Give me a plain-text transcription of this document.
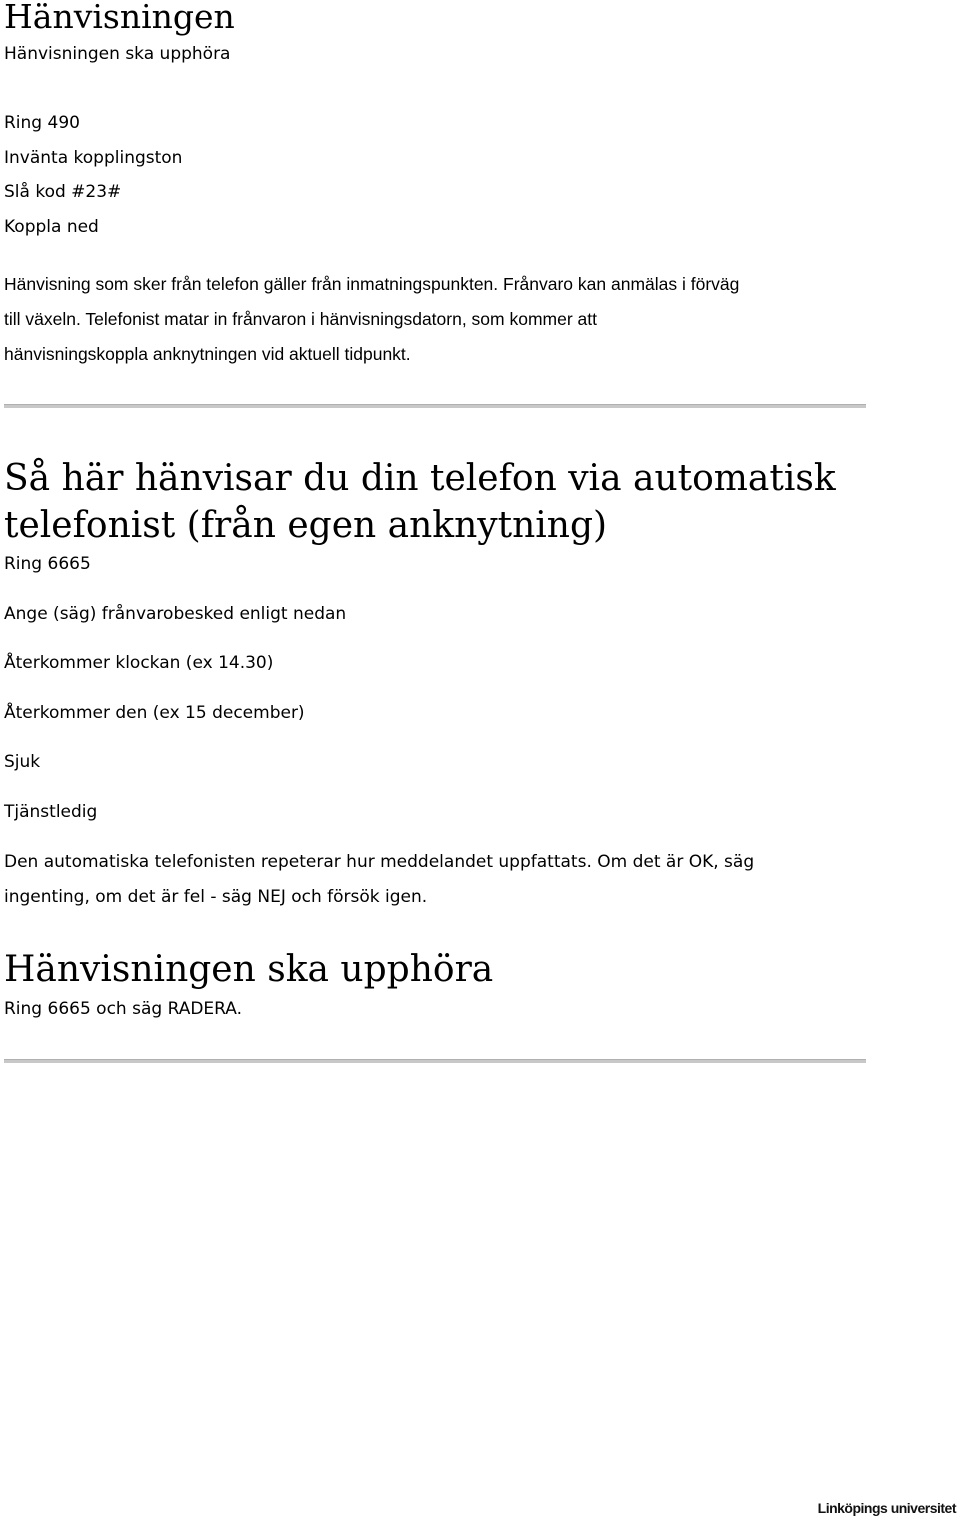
Hänvisningen
Hänvisningen ska upphöra
Ring 490
Invänta kopplingston
Slå kod #23#
Koppla ned
Hänvisning som sker från telefon gäller från inmatningspunkten. Frånvaro kan anmälas i förväg
till växeln. Telefonist matar in frånvaron i hänvisningsdatorn, som kommer att
hänvisningskoppla anknytningen vid aktuell tidpunkt.
Så här hänvisar du din telefon via automatisk
telefonist (från egen anknytning)
Ring 6665
Ange (säg) frånvarobesked enligt nedan
Återkommer klockan (ex 14.30)
Återkommer den (ex 15 december)
Sjuk
Tjänstledig
Den automatiska telefonisten repeterar hur meddelandet uppfattats. Om det är OK, säg
ingenting, om det är fel - säg NEJ och försök igen.
Hänvisningen ska upphöra
Ring 6665 och säg RADERA.
Linköpings universitet
